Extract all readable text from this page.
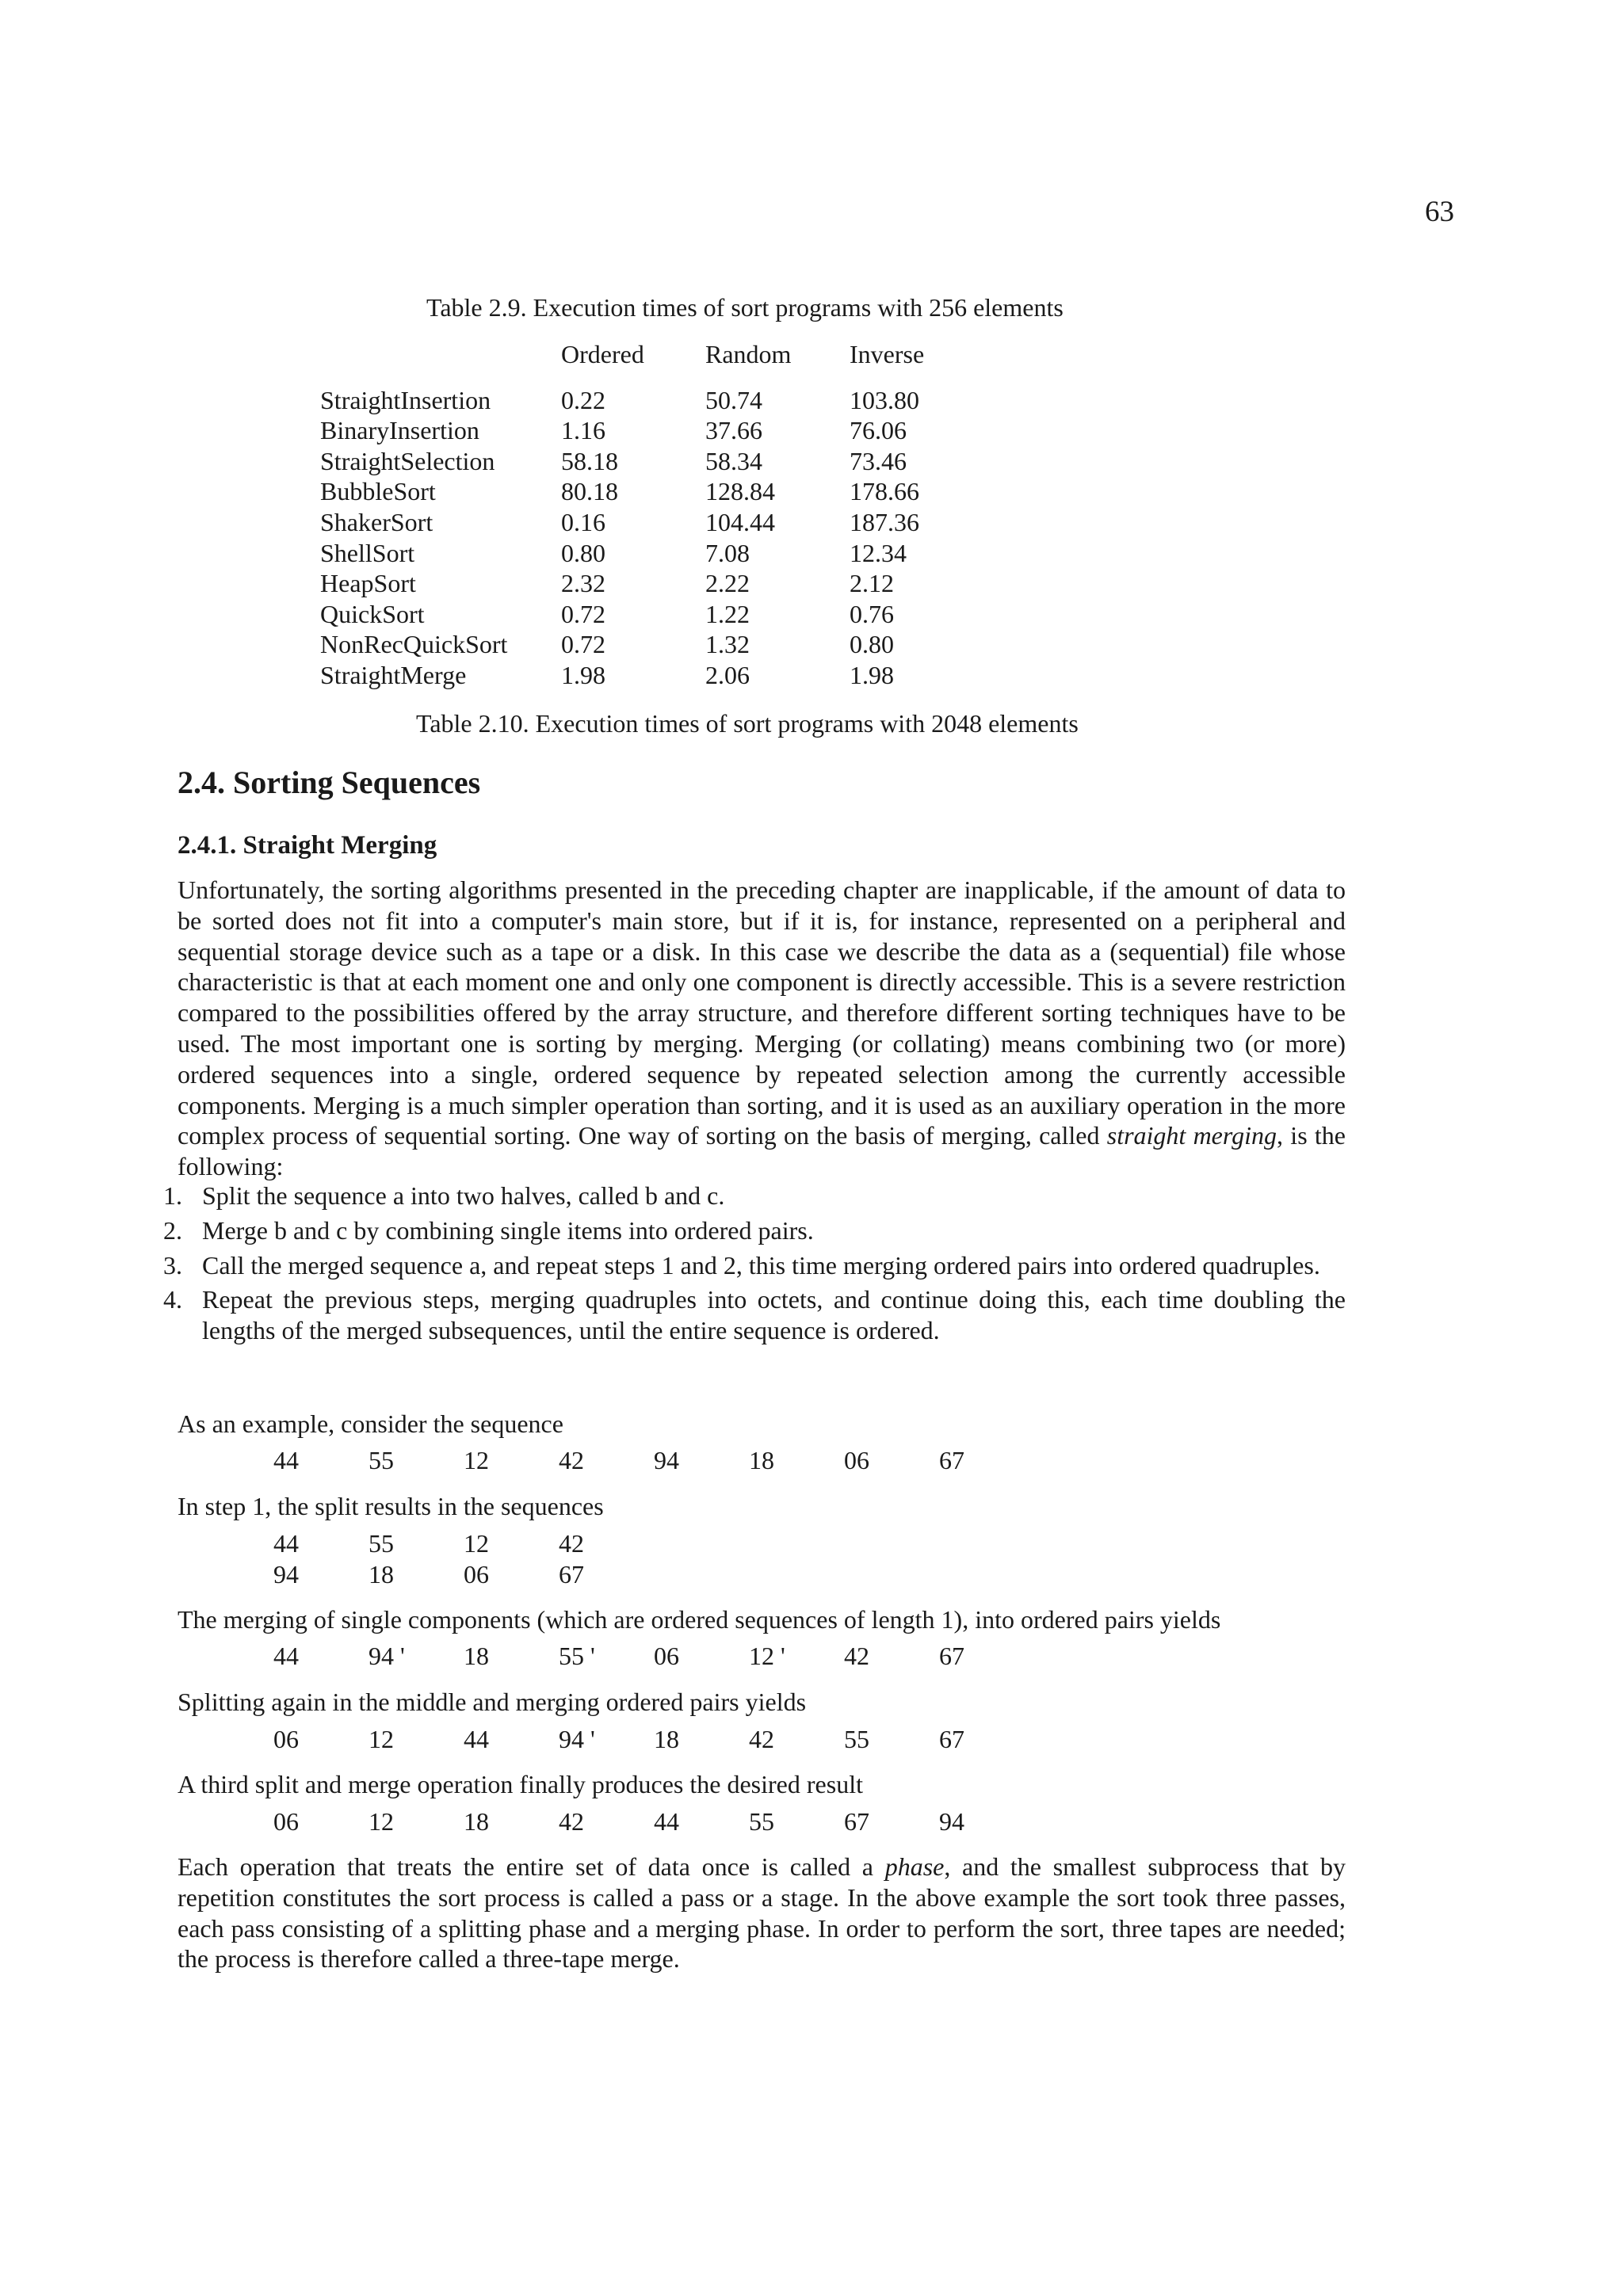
63
Table 2.9. Execution times of sort programs with 256 elements
Ordered	Random	Inverse
StraightInsertion	0.22	50.74	103.80
BinaryInsertion	1.16	37.66	76.06
StraightSelection	58.18	58.34	73.46
BubbleSort	80.18	128.84	178.66
ShakerSort	0.16	104.44	187.36
ShellSort	0.80	7.08	12.34
HeapSort	2.32	2.22	2.12
QuickSort	0.72	1.22	0.76
NonRecQuickSort	0.72	1.32	0.80
StraightMerge	1.98	2.06	1.98
Table 2.10. Execution times of sort programs with 2048 elements
2.4. Sorting Sequences
2.4.1. Straight Merging
Unfortunately, the sorting algorithms presented in the preceding chapter are inapplicable, if the amount of data to be sorted does not fit into a computer's main store, but if it is, for instance, represented on a peripheral and sequential storage device such as a tape or a disk. In this case we describe the data as a (sequential) file whose characteristic is that at each moment one and only one component is directly accessible. This is a severe restriction compared to the possibilities offered by the array structure, and therefore different sorting techniques have to be used. The most important one is sorting by merging. Merging (or collating) means combining two (or more) ordered sequences into a single, ordered sequence by repeated selection among the currently accessible components. Merging is a much simpler operation than sorting, and it is used as an auxiliary operation in the more complex process of sequential sorting. One way of sorting on the basis of merging, called straight merging, is the following:
1. Split the sequence a into two halves, called b and c.
2. Merge b and c by combining single items into ordered pairs.
3. Call the merged sequence a, and repeat steps 1 and 2, this time merging ordered pairs into ordered quadruples.
4. Repeat the previous steps, merging quadruples into octets, and continue doing this, each time doubling the lengths of the merged subsequences, until the entire sequence is ordered.
As an example, consider the sequence
44	55	12	42	94	18	06	67
In step 1, the split results in the sequences
44	55	12	42
94	18	06	67
The merging of single components (which are ordered sequences of length 1), into ordered pairs yields
44	94 '	18	55 '	06	12 '	42	67
Splitting again in the middle and merging ordered pairs yields
06	12	44	94 '	18	42	55	67
A third split and merge operation finally produces the desired result
06	12	18	42	44	55	67	94
Each operation that treats the entire set of data once is called a phase, and the smallest subprocess that by repetition constitutes the sort process is called a pass or a stage. In the above example the sort took three passes, each pass consisting of a splitting phase and a merging phase. In order to perform the sort, three tapes are needed; the process is therefore called a three-tape merge.
